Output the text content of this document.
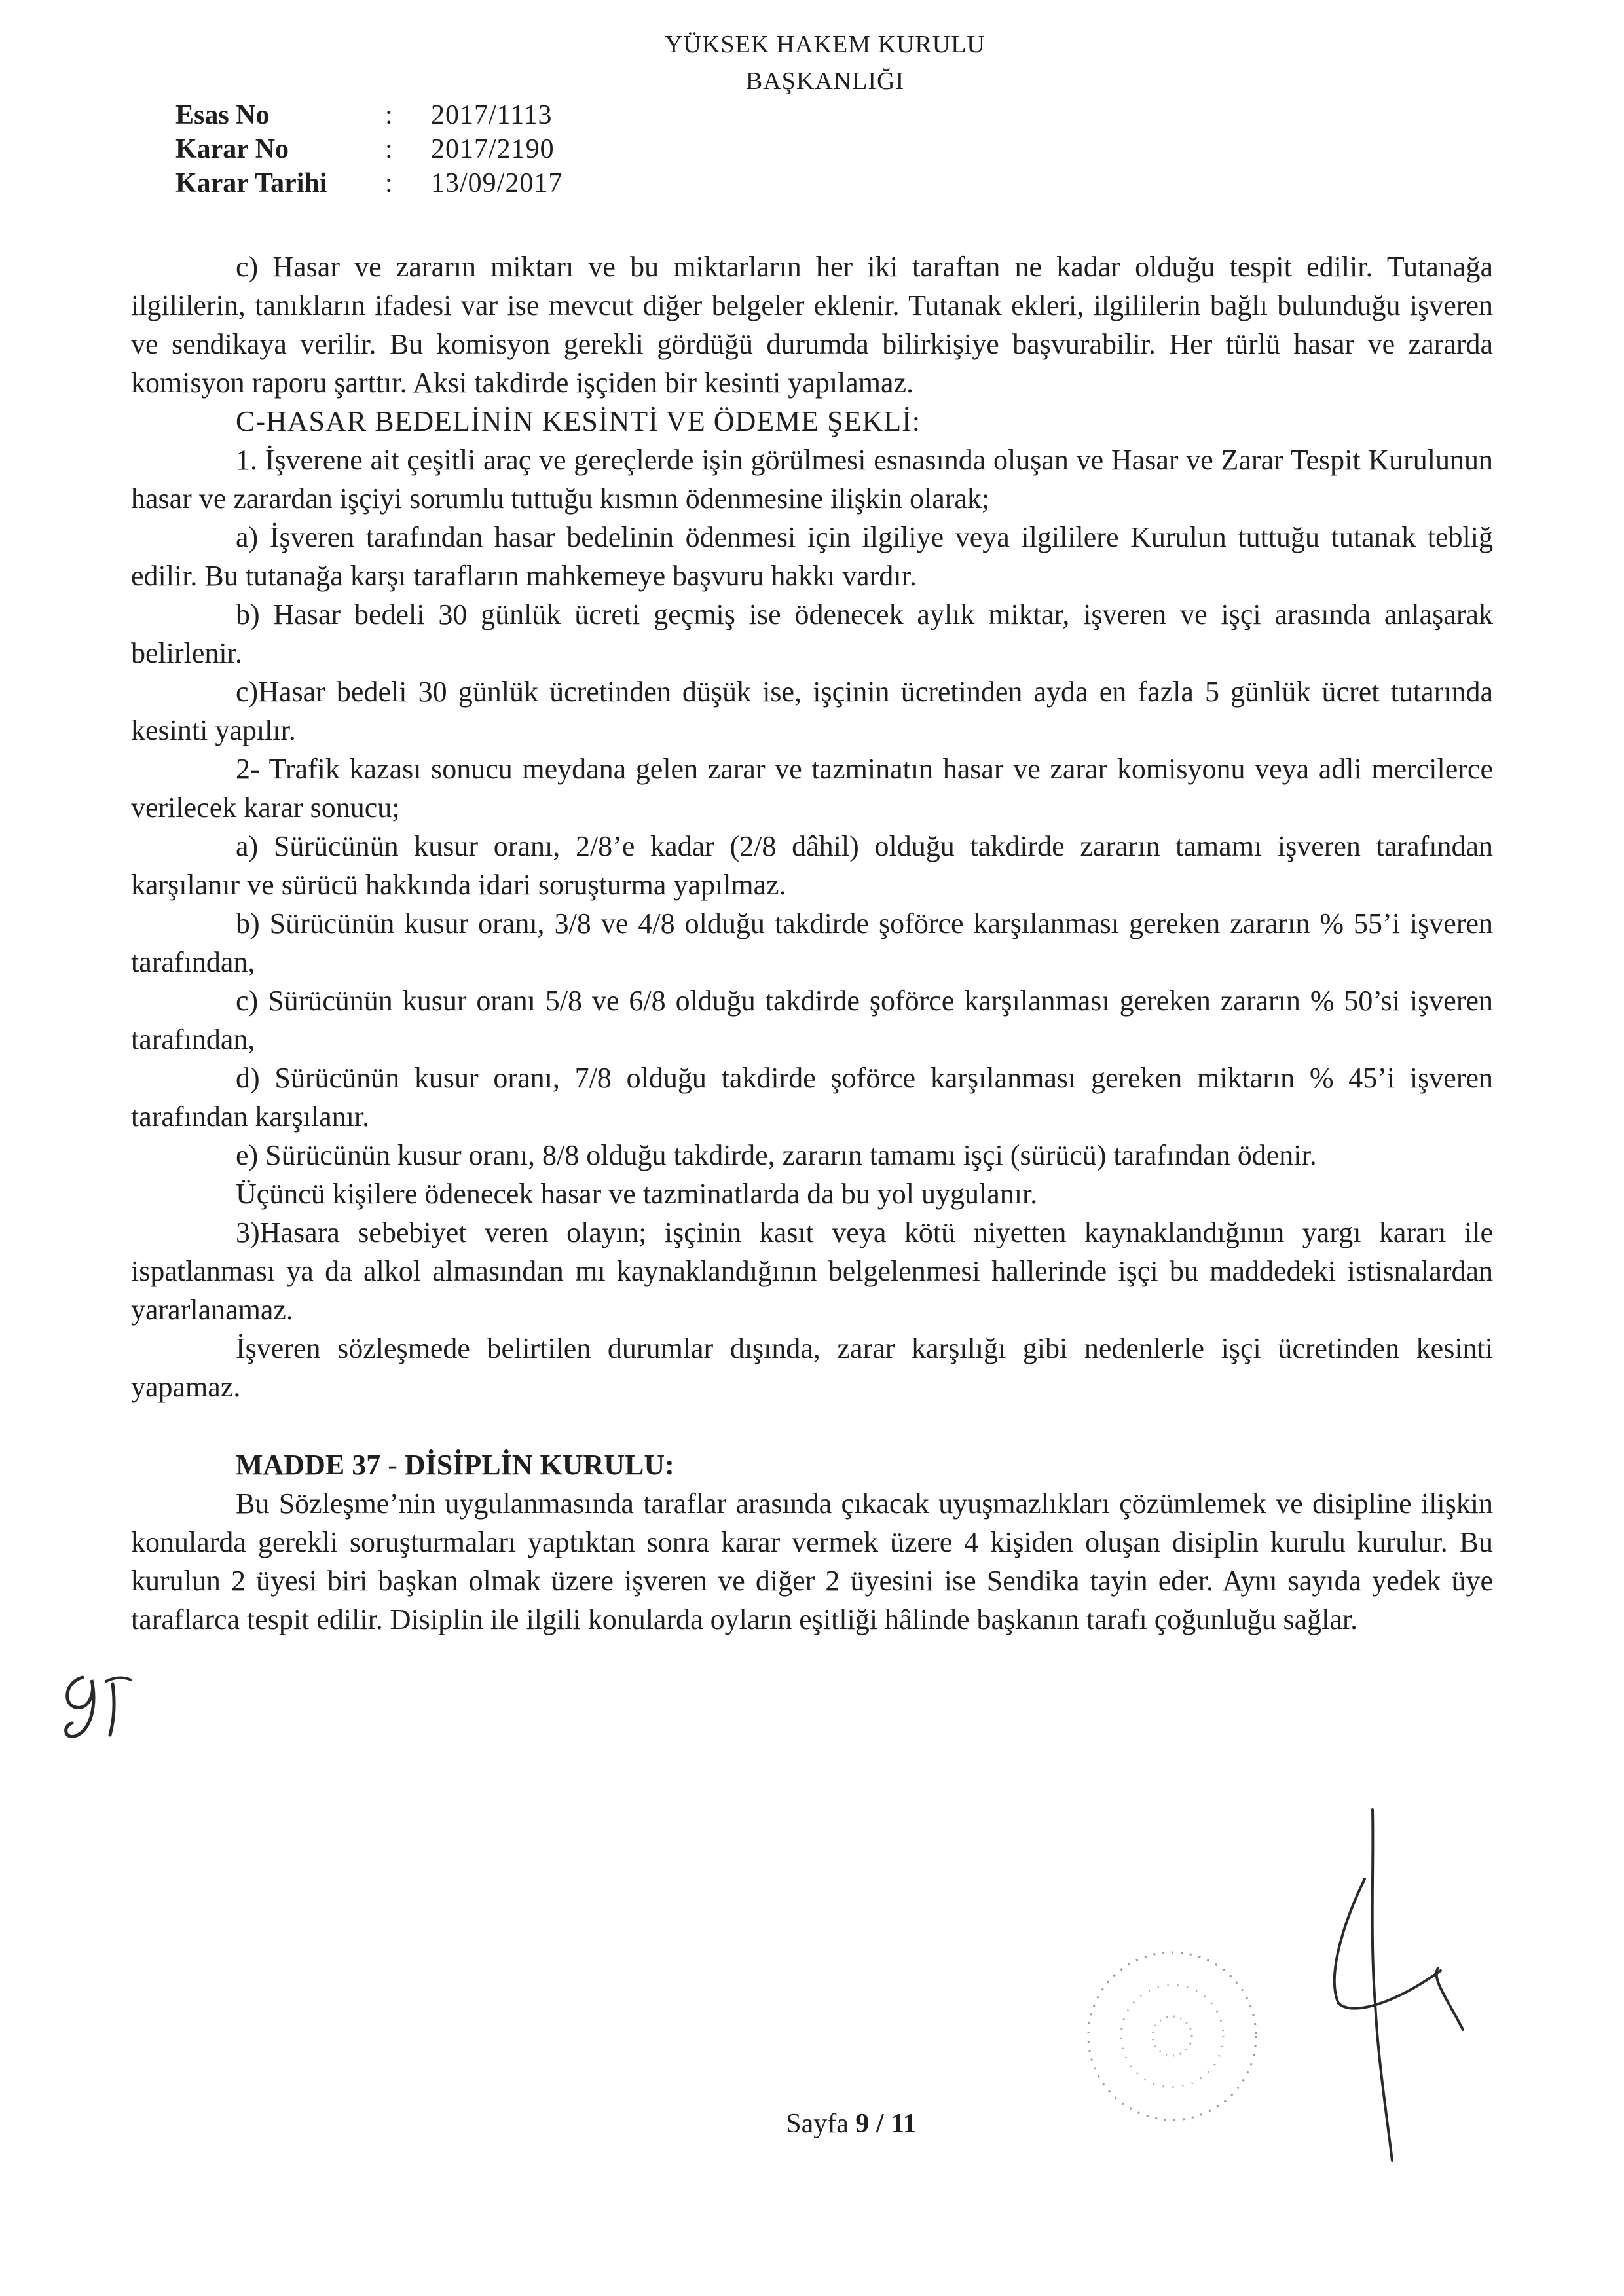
YÜKSEK HAKEM KURULU
BAŞKANLIĞI
Esas No	:	2017/1113
Karar No	:	2017/2190
Karar Tarihi	:	13/09/2017

c) Hasar ve zararın miktarı ve bu miktarların her iki taraftan ne kadar olduğu tespit edilir. Tutanağa ilgililerin, tanıkların ifadesi var ise mevcut diğer belgeler eklenir. Tutanak ekleri, ilgililerin bağlı bulunduğu işveren ve sendikaya verilir. Bu komisyon gerekli gördüğü durumda bilirkişiye başvurabilir. Her türlü hasar ve zararda komisyon raporu şarttır. Aksi takdirde işçiden bir kesinti yapılamaz.

C-HASAR BEDELİNİN KESİNTİ VE ÖDEME ŞEKLİ:

1. İşverene ait çeşitli araç ve gereçlerde işin görülmesi esnasında oluşan ve Hasar ve Zarar Tespit Kurulunun hasar ve zarardan işçiyi sorumlu tuttuğu kısmın ödenmesine ilişkin olarak;

a) İşveren tarafından hasar bedelinin ödenmesi için ilgiliye veya ilgililere Kurulun tuttuğu tutanak tebliğ edilir. Bu tutanağa karşı tarafların mahkemeye başvuru hakkı vardır.

b) Hasar bedeli 30 günlük ücreti geçmiş ise ödenecek aylık miktar, işveren ve işçi arasında anlaşarak belirlenir.

c)Hasar bedeli 30 günlük ücretinden düşük ise, işçinin ücretinden ayda en fazla 5 günlük ücret tutarında kesinti yapılır.

2- Trafik kazası sonucu meydana gelen zarar ve tazminatın hasar ve zarar komisyonu veya adli mercilerce verilecek karar sonucu;

a) Sürücünün kusur oranı, 2/8’e kadar (2/8 dâhil) olduğu takdirde zararın tamamı işveren tarafından karşılanır ve sürücü hakkında idari soruşturma yapılmaz.

b) Sürücünün kusur oranı, 3/8 ve 4/8 olduğu takdirde şoförce karşılanması gereken zararın % 55’i işveren tarafından,

c) Sürücünün kusur oranı 5/8 ve 6/8 olduğu takdirde şoförce karşılanması gereken zararın % 50’si işveren tarafından,

d) Sürücünün kusur oranı, 7/8 olduğu takdirde şoförce karşılanması gereken miktarın % 45’i işveren tarafından karşılanır.

e) Sürücünün kusur oranı, 8/8 olduğu takdirde, zararın tamamı işçi (sürücü) tarafından ödenir.

Üçüncü kişilere ödenecek hasar ve tazminatlarda da bu yol uygulanır.

3)Hasara sebebiyet veren olayın; işçinin kasıt veya kötü niyetten kaynaklandığının yargı kararı ile ispatlanması ya da alkol almasından mı kaynaklandığının belgelenmesi hallerinde işçi bu maddedeki istisnalardan yararlanamaz.

İşveren sözleşmede belirtilen durumlar dışında, zarar karşılığı gibi nedenlerle işçi ücretinden kesinti yapamaz.

MADDE 37 - DİSİPLİN KURULU:

Bu Sözleşme’nin uygulanmasında taraflar arasında çıkacak uyuşmazlıkları çözümlemek ve disipline ilişkin konularda gerekli soruşturmaları yaptıktan sonra karar vermek üzere 4 kişiden oluşan disiplin kurulu kurulur. Bu kurulun 2 üyesi biri başkan olmak üzere işveren ve diğer 2 üyesini ise Sendika tayin eder. Aynı sayıda yedek üye taraflarca tespit edilir. Disiplin ile ilgili konularda oyların eşitliği hâlinde başkanın tarafı çoğunluğu sağlar.

Sayfa 9 / 11
